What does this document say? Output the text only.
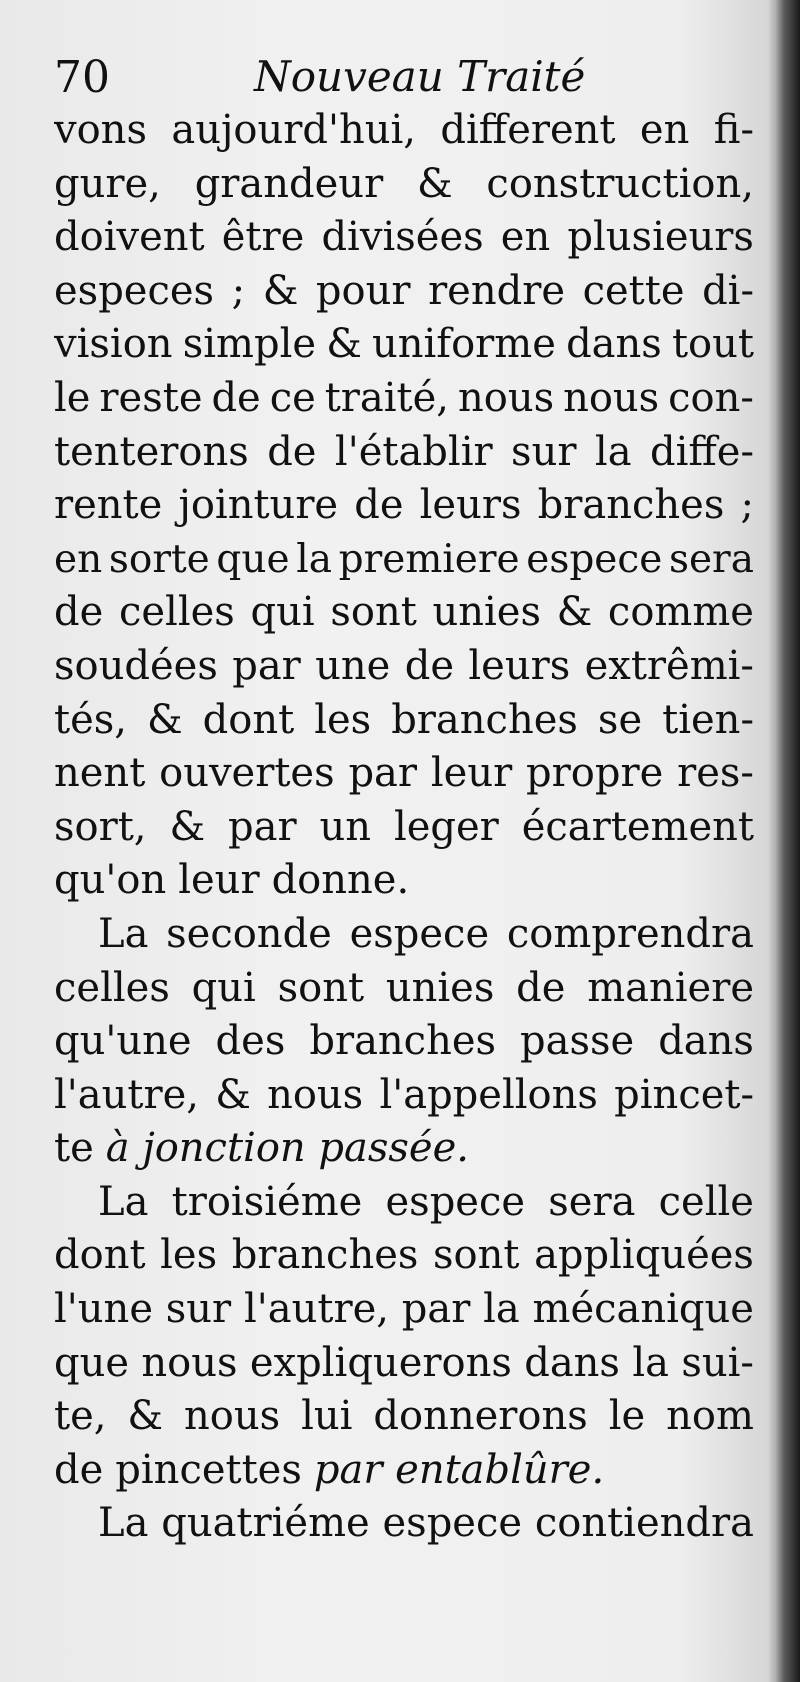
70	Nouveau Traité
vons aujourd'hui, different en fi-
gure, grandeur & construction,
doivent être divisées en plusieurs
especes ; & pour rendre cette di-
vision simple & uniforme dans tout
le reste de ce traité, nous nous con-
tenterons de l'établir sur la diffe-
rente jointure de leurs branches ;
en sorte que la premiere espece sera
de celles qui sont unies & comme
soudées par une de leurs extrêmi-
tés, & dont les branches se tien-
nent ouvertes par leur propre res-
sort, & par un leger écartement
qu'on leur donne.
La seconde espece comprendra
celles qui sont unies de maniere
qu'une des branches passe dans
l'autre, & nous l'appellons pincet-
te à jonction passée.
La troisiéme espece sera celle
dont les branches sont appliquées
l'une sur l'autre, par la mécanique
que nous expliquerons dans la sui-
te, & nous lui donnerons le nom
de pincettes par entablûre.
La quatriéme espece contiendra
